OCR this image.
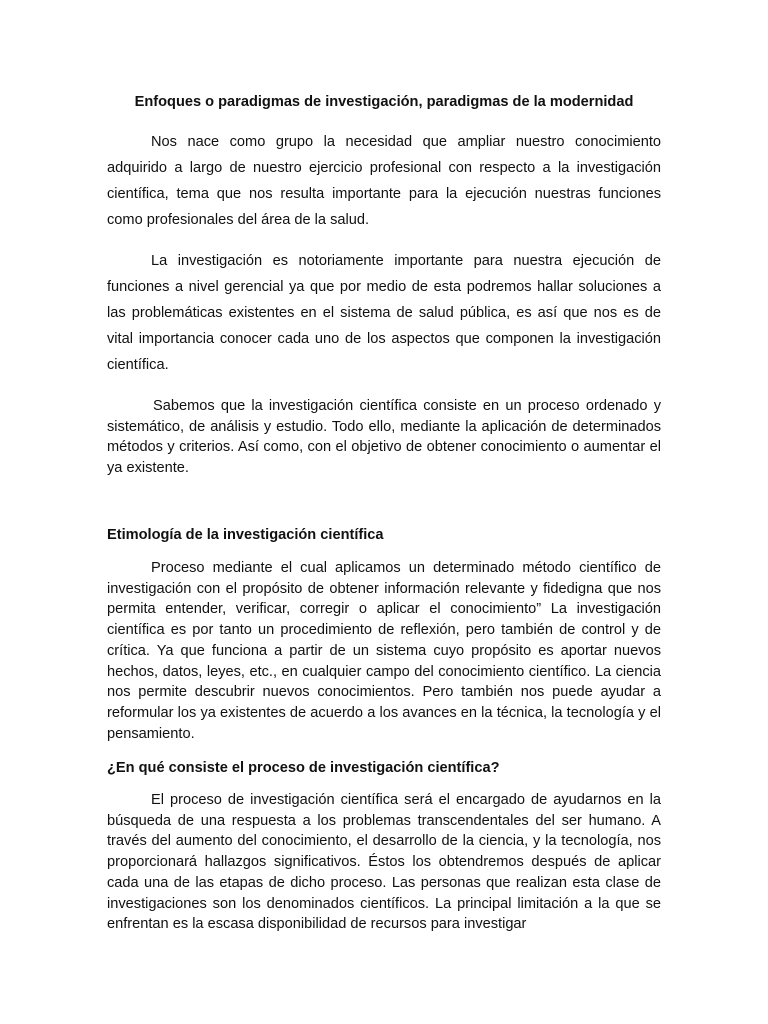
Enfoques o paradigmas de investigación, paradigmas de la modernidad

Nos nace como grupo la necesidad que ampliar nuestro conocimiento adquirido a largo de nuestro ejercicio profesional con respecto a la investigación científica, tema que nos resulta importante para la ejecución nuestras funciones como profesionales del área de la salud.

La investigación es notoriamente importante para nuestra ejecución de funciones a nivel gerencial ya que por medio de esta podremos hallar soluciones a las problemáticas existentes en el sistema de salud pública, es así que nos es de vital importancia conocer cada uno de los aspectos que componen la investigación científica.

Sabemos que la investigación científica consiste en un proceso ordenado y sistemático, de análisis y estudio. Todo ello, mediante la aplicación de determinados métodos y criterios. Así como, con el objetivo de obtener conocimiento o aumentar el ya existente.

Etimología de la investigación científica

Proceso mediante el cual aplicamos un determinado método científico de investigación con el propósito de obtener información relevante y fidedigna que nos permita entender, verificar, corregir o aplicar el conocimiento” La investigación científica es por tanto un procedimiento de reflexión, pero también de control y de crítica. Ya que funciona a partir de un sistema cuyo propósito es aportar nuevos hechos, datos, leyes, etc., en cualquier campo del conocimiento científico. La ciencia nos permite descubrir nuevos conocimientos. Pero también nos puede ayudar a reformular los ya existentes de acuerdo a los avances en la técnica, la tecnología y el pensamiento.

¿En qué consiste el proceso de investigación científica?

El proceso de investigación científica será el encargado de ayudarnos en la búsqueda de una respuesta a los problemas transcendentales del ser humano. A través del aumento del conocimiento, el desarrollo de la ciencia, y la tecnología, nos proporcionará hallazgos significativos. Éstos los obtendremos después de aplicar cada una de las etapas de dicho proceso. Las personas que realizan esta clase de investigaciones son los denominados científicos. La principal limitación a la que se enfrentan es la escasa disponibilidad de recursos para investigar
